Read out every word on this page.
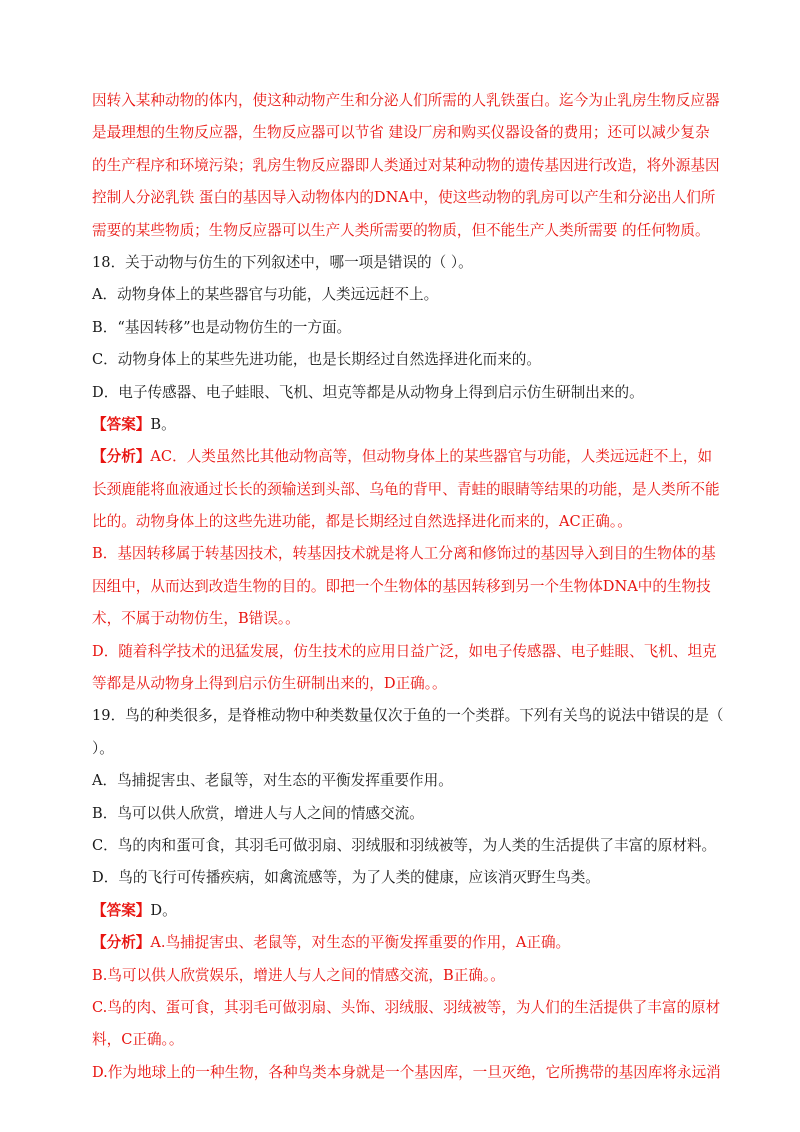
因转入某种动物的体内，使这种动物产生和分泌人们所需的人乳铁蛋白。迄今为止乳房生物反应器
是最理想的生物反应器，生物反应器可以节省 建设厂房和购买仪器设备的费用；还可以减少复杂
的生产程序和环境污染；乳房生物反应器即人类通过对某种动物的遗传基因进行改造，将外源基因
控制人分泌乳铁 蛋白的基因导入动物体内的DNA中，使这些动物的乳房可以产生和分泌出人们所
需要的某些物质；生物反应器可以生产人类所需要的物质，但不能生产人类所需要 的任何物质。
18．关于动物与仿生的下列叙述中，哪一项是错误的（ ）。
A．动物身体上的某些器官与功能，人类远远赶不上。
B．“基因转移”也是动物仿生的一方面。
C．动物身体上的某些先进功能，也是长期经过自然选择进化而来的。
D．电子传感器、电子蛙眼、飞机、坦克等都是从动物身上得到启示仿生研制出来的。
【答案】B。
【分析】AC．人类虽然比其他动物高等，但动物身体上的某些器官与功能，人类远远赶不上，如
长颈鹿能将血液通过长长的颈输送到头部、乌龟的背甲、青蛙的眼睛等结果的功能，是人类所不能
比的。动物身体上的这些先进功能，都是长期经过自然选择进化而来的，AC正确。。
B．基因转移属于转基因技术，转基因技术就是将人工分离和修饰过的基因导入到目的生物体的基
因组中，从而达到改造生物的目的。即把一个生物体的基因转移到另一个生物体DNA中的生物技
术，不属于动物仿生，B错误。。
D．随着科学技术的迅猛发展，仿生技术的应用日益广泛，如电子传感器、电子蛙眼、飞机、坦克
等都是从动物身上得到启示仿生研制出来的，D正确。。
19．鸟的种类很多，是脊椎动物中种类数量仅次于鱼的一个类群。下列有关鸟的说法中错误的是（
）。
A．鸟捕捉害虫、老鼠等，对生态的平衡发挥重要作用。
B．鸟可以供人欣赏，增进人与人之间的情感交流。
C．鸟的肉和蛋可食，其羽毛可做羽扇、羽绒服和羽绒被等，为人类的生活提供了丰富的原材料。
D．鸟的飞行可传播疾病，如禽流感等，为了人类的健康，应该消灭野生鸟类。
【答案】D。
【分析】A.鸟捕捉害虫、老鼠等，对生态的平衡发挥重要的作用，A正确。
B.鸟可以供人欣赏娱乐，增进人与人之间的情感交流，B正确。。
C.鸟的肉、蛋可食，其羽毛可做羽扇、头饰、羽绒服、羽绒被等，为人们的生活提供了丰富的原材
料，C正确。。
D.作为地球上的一种生物，各种鸟类本身就是一个基因库，一旦灭绝，它所携带的基因库将永远消
